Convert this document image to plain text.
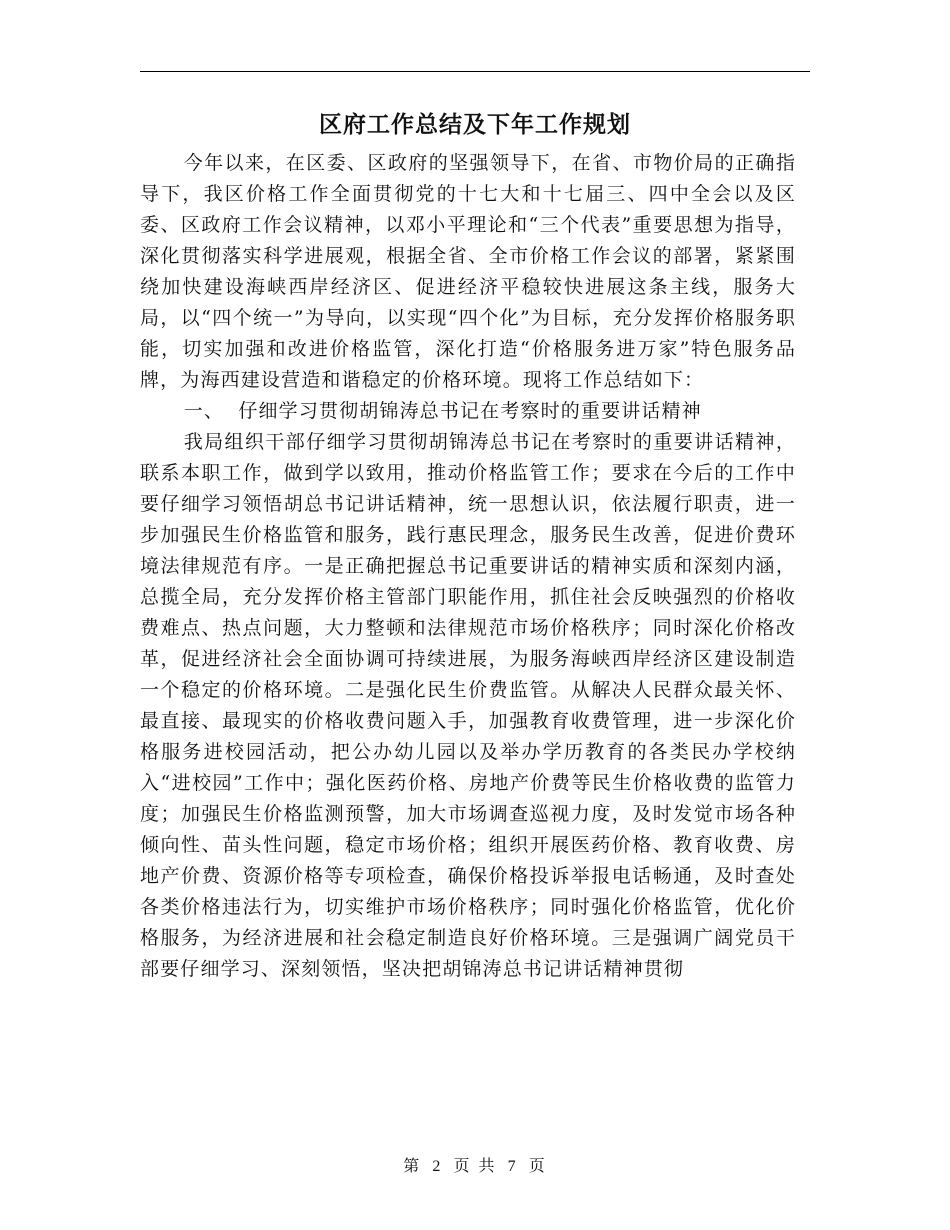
区府工作总结及下年工作规划

今年以来，在区委、区政府的坚强领导下，在省、市物价局的正确指导下，我区价格工作全面贯彻党的十七大和十七届三、四中全会以及区委、区政府工作会议精神，以邓小平理论和“三个代表”重要思想为指导，深化贯彻落实科学进展观，根据全省、全市价格工作会议的部署，紧紧围绕加快建设海峡西岸经济区、促进经济平稳较快进展这条主线，服务大局，以“四个统一”为导向，以实现“四个化”为目标，充分发挥价格服务职能，切实加强和改进价格监管，深化打造“价格服务进万家”特色服务品牌，为海西建设营造和谐稳定的价格环境。现将工作总结如下：

一、  仔细学习贯彻胡锦涛总书记在考察时的重要讲话精神

我局组织干部仔细学习贯彻胡锦涛总书记在考察时的重要讲话精神，联系本职工作，做到学以致用，推动价格监管工作；要求在今后的工作中要仔细学习领悟胡总书记讲话精神，统一思想认识，依法履行职责，进一步加强民生价格监管和服务，践行惠民理念，服务民生改善，促进价费环境法律规范有序。一是正确把握总书记重要讲话的精神实质和深刻内涵，总揽全局，充分发挥价格主管部门职能作用，抓住社会反映强烈的价格收费难点、热点问题，大力整顿和法律规范市场价格秩序；同时深化价格改革，促进经济社会全面协调可持续进展，为服务海峡西岸经济区建设制造一个稳定的价格环境。二是强化民生价费监管。从解决人民群众最关怀、最直接、最现实的价格收费问题入手，加强教育收费管理，进一步深化价格服务进校园活动，把公办幼儿园以及举办学历教育的各类民办学校纳入“进校园”工作中；强化医药价格、房地产价费等民生价格收费的监管力度；加强民生价格监测预警，加大市场调查巡视力度，及时发觉市场各种倾向性、苗头性问题，稳定市场价格；组织开展医药价格、教育收费、房地产价费、资源价格等专项检查，确保价格投诉举报电话畅通，及时查处各类价格违法行为，切实维护市场价格秩序；同时强化价格监管，优化价格服务，为经济进展和社会稳定制造良好价格环境。三是强调广阔党员干部要仔细学习、深刻领悟，坚决把胡锦涛总书记讲话精神贯彻

第 2 页 共 7 页
